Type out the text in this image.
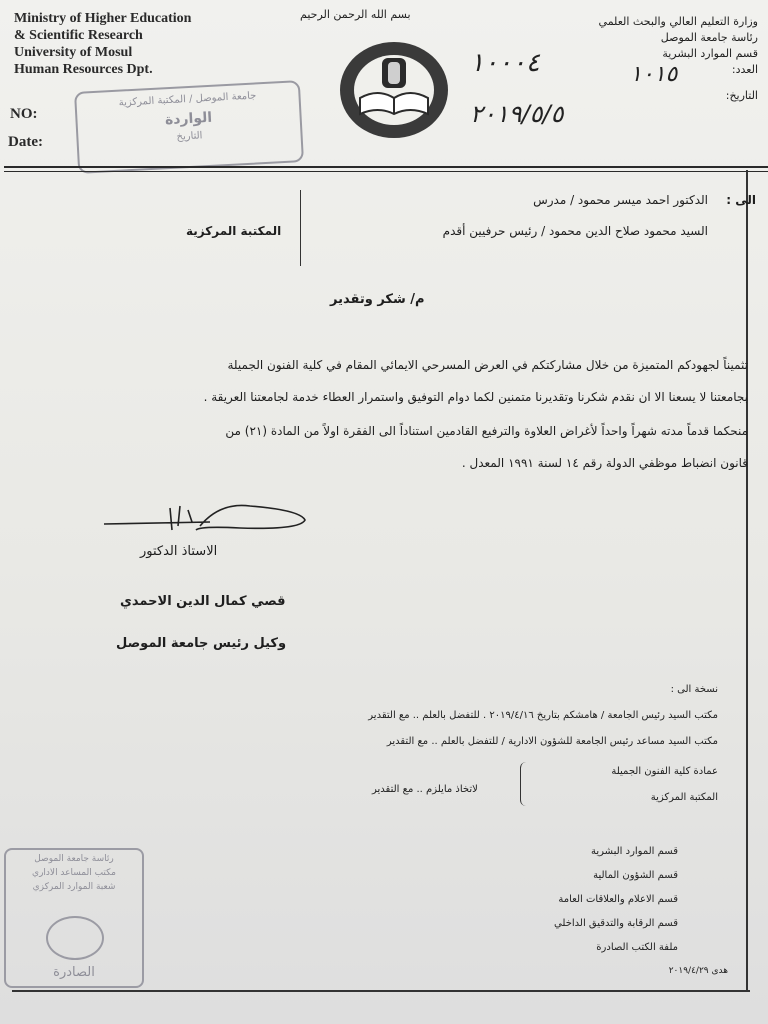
Ministry of Higher Education
& Scientific Research
University of Mosul
Human Resources Dpt.
NO:
Date:
جامعة الموصل / المكتبة المركزية
الواردة
التاريخ
بسم الله الرحمن الرحيم
وزارة التعليم العالي والبحث العلمي
رئاسة جامعة الموصل
قسم الموارد البشرية
العدد:
التاريخ:
١٠٠٠٤	١٠١٥
٢٠١٩/٥/٥
الى :
الدكتور احمد ميسر محمود / مدرس
السيد محمود صلاح الدين محمود / رئيس حرفيين أقدم
المكتبة المركزية
م/ شكر وتقدير
تثميناً لجهودكم المتميزة من خلال مشاركتكم في العرض المسرحي الايمائي المقام في كلية الفنون الجميلة
بجامعتنا لا يسعنا الا ان نقدم شكرنا وتقديرنا متمنين لكما دوام التوفيق واستمرار العطاء خدمة لجامعتنا العريقة .
منحكما قدماً مدته شهراً واحداً لأغراض العلاوة والترفيع القادمين استناداً الى الفقرة اولاً من المادة (٢١) من
قانون انضباط موظفي الدولة رقم ١٤ لسنة ١٩٩١ المعدل .
الاستاذ الدكتور
قصي كمال الدين الاحمدي
وكيل رئيس جامعة الموصل
نسخة الى :
مكتب السيد رئيس الجامعة / هامشكم بتاريخ ٢٠١٩/٤/١٦ . للتفضل بالعلم .. مع التقدير
مكتب السيد مساعد رئيس الجامعة للشؤون الادارية / للتفضل بالعلم .. مع التقدير
عمادة كلية الفنون الجميلة
المكتبة المركزية
لاتخاذ مايلزم .. مع التقدير
قسم الموارد البشرية
قسم الشؤون المالية
قسم الاعلام والعلاقات العامة
قسم الرقابة والتدقيق الداخلي
ملفة الكتب الصادرة
هدى ٢٠١٩/٤/٢٩
رئاسة جامعة الموصل
مكتب المساعد الاداري
شعبة الموارد المركزي
الصادرة
